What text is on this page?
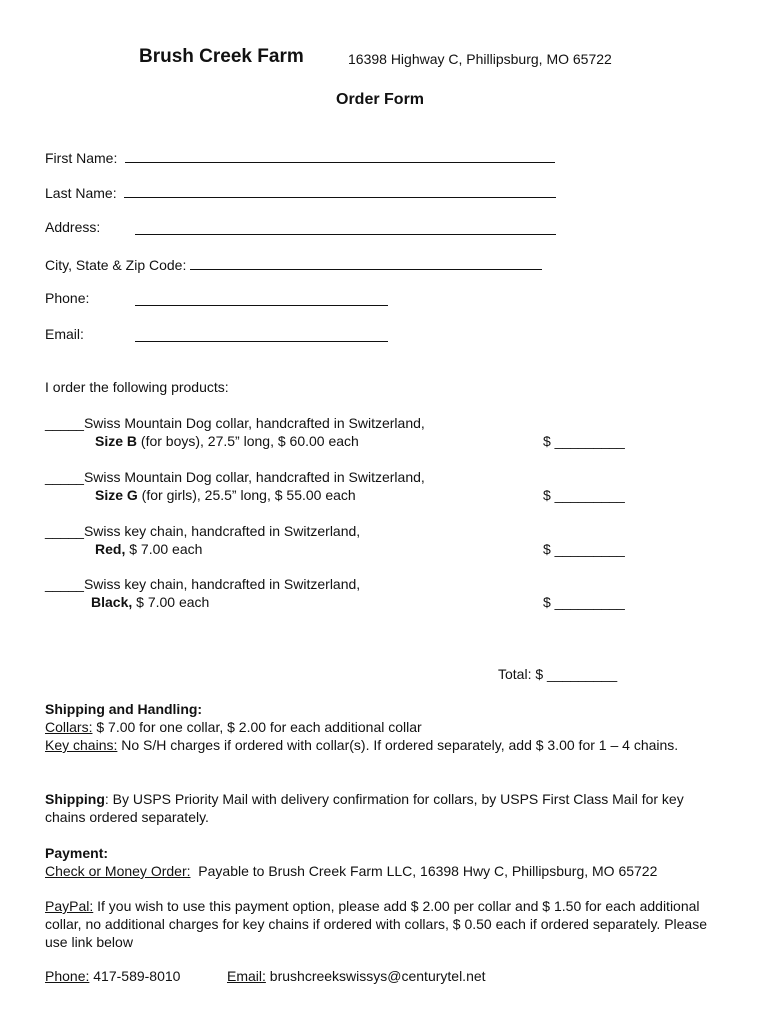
Brush Creek Farm	16398 Highway C, Phillipsburg, MO 65722
Order Form
First Name:
Last Name:
Address:
City, State & Zip Code:
Phone:
Email:
I order the following products:
_____Swiss Mountain Dog collar, handcrafted in Switzerland,
Size B (for boys), 27.5” long, $ 60.00 each	$ _________
_____Swiss Mountain Dog collar, handcrafted in Switzerland,
Size G (for girls), 25.5” long, $ 55.00 each	$ _________
_____Swiss key chain, handcrafted in Switzerland,
Red, $ 7.00 each	$ _________
_____Swiss key chain, handcrafted in Switzerland,
Black, $ 7.00 each	$ _________
Total: $ _________
Shipping and Handling:
Collars: $ 7.00 for one collar, $ 2.00 for each additional collar
Key chains: No S/H charges if ordered with collar(s). If ordered separately, add $ 3.00 for 1 – 4 chains.
Shipping: By USPS Priority Mail with delivery confirmation for collars, by USPS First Class Mail for key chains ordered separately.
Payment:
Check or Money Order:  Payable to Brush Creek Farm LLC, 16398 Hwy C, Phillipsburg, MO 65722
PayPal: If you wish to use this payment option, please add $ 2.00 per collar and $ 1.50 for each additional collar, no additional charges for key chains if ordered with collars, $ 0.50 each if ordered separately. Please use link below
Phone: 417-589-8010	Email: brushcreekswissys@centurytel.net
